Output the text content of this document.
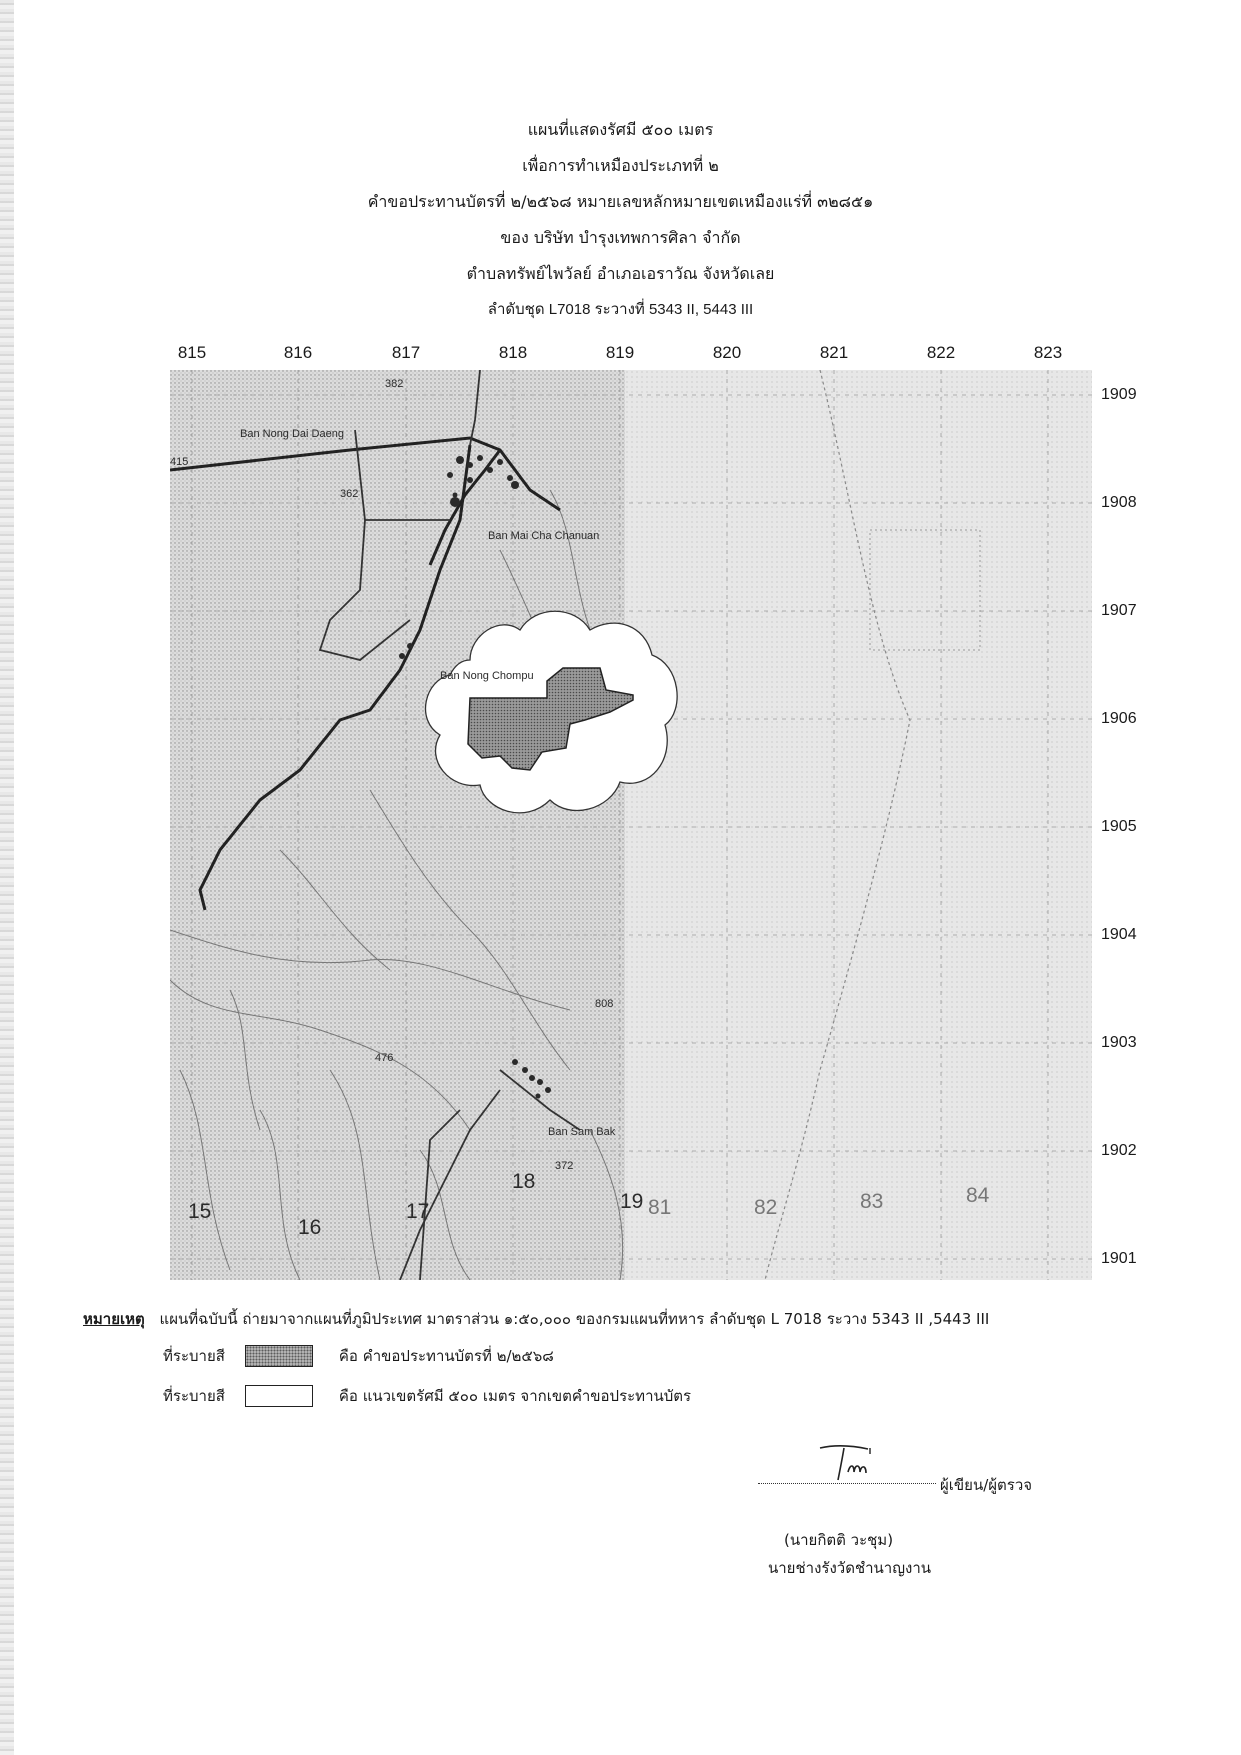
แผนที่แสดงรัศมี ๕๐๐ เมตร
เพื่อการทำเหมืองประเภทที่ ๒
คำขอประทานบัตรที่ ๒/๒๕๖๘ หมายเลขหลักหมายเขตเหมืองแร่ที่ ๓๒๘๕๑
ของ บริษัท บำรุงเทพการศิลา จำกัด
ตำบลทรัพย์ไพวัลย์ อำเภอเอราวัณ จังหวัดเลย
ลำดับชุด L7018 ระวางที่ 5343 II, 5443 III
815	816	817	818	819	820	821	822	823
1909
1908
1907
1906
1905
1904
1903
1902
1901
382
362
415
476
808
372
Ban Nong Dai Daeng
Ban Mai Cha Chanuan
Ban Nong Chompu
Ban Sam Bak
15
16
17
18
19 81	82	83	84
หมายเหตุ แผนที่ฉบับนี้ ถ่ายมาจากแผนที่ภูมิประเทศ มาตราส่วน ๑:๕๐,๐๐๐ ของกรมแผนที่ทหาร ลำดับชุด L 7018 ระวาง 5343 II ,5443 III
ที่ระบายสี	คือ คำขอประทานบัตรที่ ๒/๒๕๖๘
ที่ระบายสี	คือ แนวเขตรัศมี ๕๐๐ เมตร จากเขตคำขอประทานบัตร
ผู้เขียน/ผู้ตรวจ
(นายกิตติ วะชุม)
นายช่างรังวัดชำนาญงาน
